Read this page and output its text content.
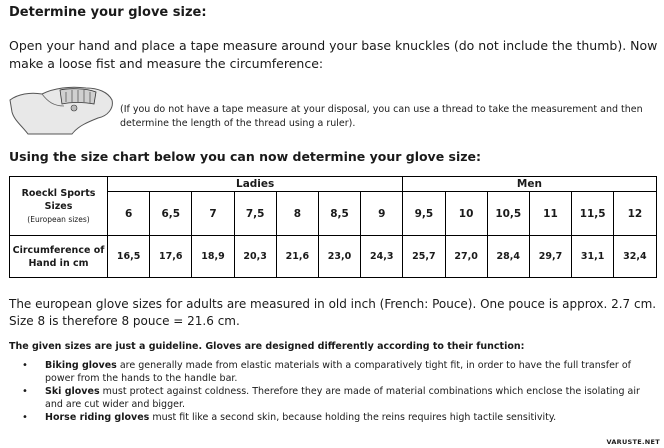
Determine your glove size:
Open your hand and place a tape measure around your base knuckles (do not include the thumb). Now make a loose fist and measure the circumference:
(If you do not have a tape measure at your disposal, you can use a thread to take the measurement and then determine the length of the thread using a ruler).
Using the size chart below you can now determine your glove size:
Roeckl Sports
Sizes
(European sizes)	Ladies							Men					
	6	6,5	7	7,5	8	8,5	9	9,5	10	10,5	11	11,5	12

Circumference of
Hand in cm	16,5	17,6	18,9	20,3	21,6	23,0	24,3	25,7	27,0	28,4	29,7	31,1	32,4
The european glove sizes for adults are measured in old inch (French: Pouce). One pouce is approx. 2.7 cm.
Size 8 is therefore 8 pouce = 21.6 cm.
The given sizes are just a guideline. Gloves are designed differently according to their function:
• Biking gloves are generally made from elastic materials with a comparatively tight fit, in order to have the full transfer of power from the hands to the handle bar.
• Ski gloves must protect against coldness. Therefore they are made of material combinations which enclose the isolating air and are cut wider and bigger.
• Horse riding gloves must fit like a second skin, because holding the reins requires high tactile sensitivity.
VARUSTE.NET
